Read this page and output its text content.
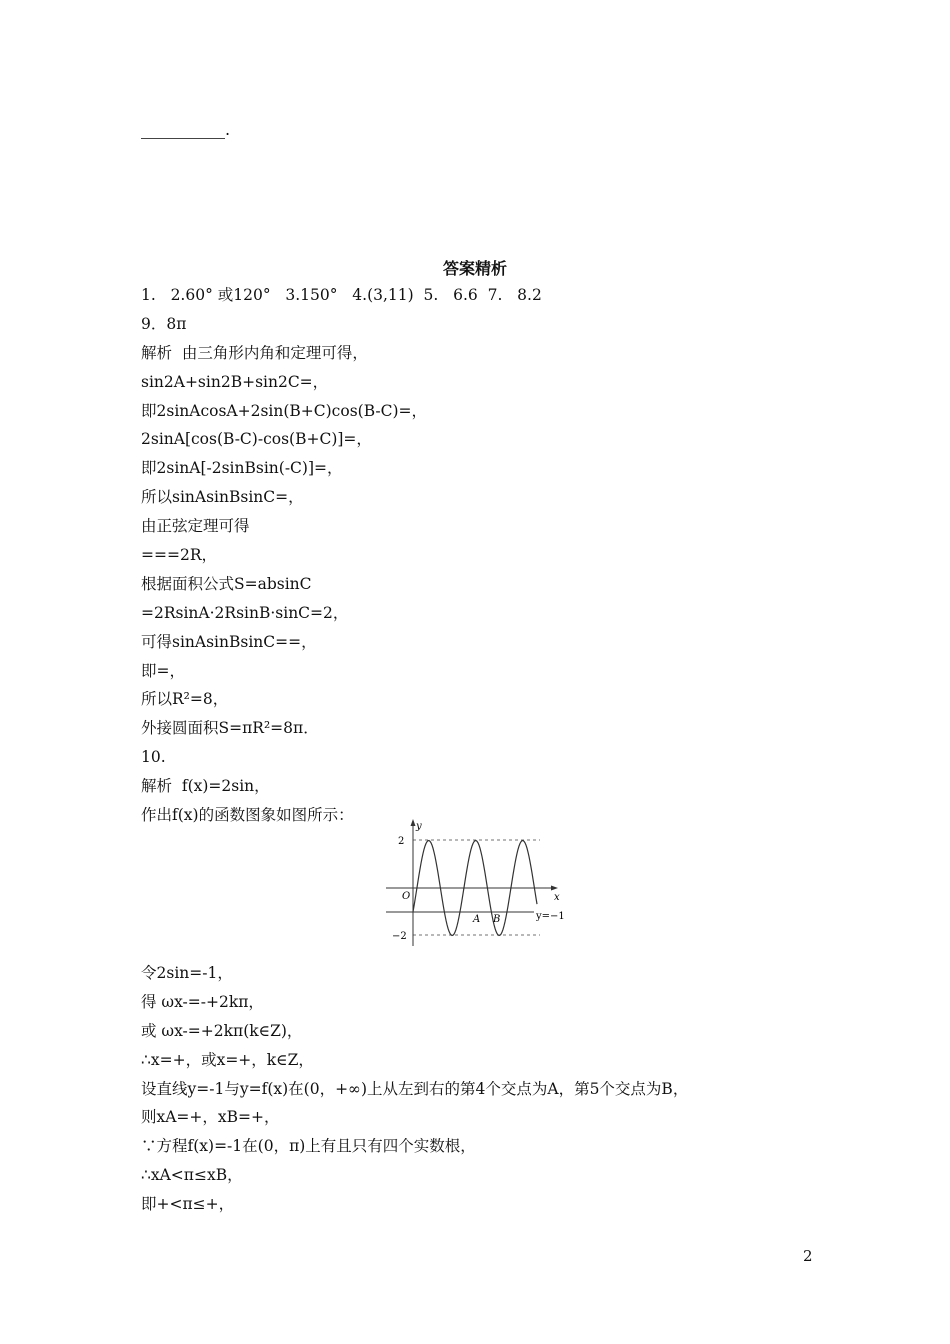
.
答案精析
1.   2.60° 或120°   3.150°   4.(3,11)  5.   6.6  7.   8.2
9．8π
解析  由三角形内角和定理可得，
sin2A+sin2B+sin2C=，
即2sinAcosA+2sin(B+C)cos(B-C)=，
2sinA[cos(B-C)-cos(B+C)]=，
即2sinA[-2sinBsin(-C)]=，
所以sinAsinBsinC=，
由正弦定理可得
===2R，
根据面积公式S=absinC
=2RsinA·2RsinB·sinC=2，
可得sinAsinBsinC==，
即=，
所以R²=8，
外接圆面积S=πR²=8π．
10.
解析  f(x)=2sin，
作出f(x)的函数图象如图所示：
y
x
O
2
−2
A B	y=−1
令2sin=-1，
得 ωx-=-+2kπ，
或 ωx-=+2kπ(k∈Z)，
∴x=+，或x=+，k∈Z，
设直线y=-1与y=f(x)在(0，+∞)上从左到右的第4个交点为A，第5个交点为B，
则xA=+，xB=+，
∵方程f(x)=-1在(0，π)上有且只有四个实数根，
∴xA<π≤xB，
即+<π≤+，
2
